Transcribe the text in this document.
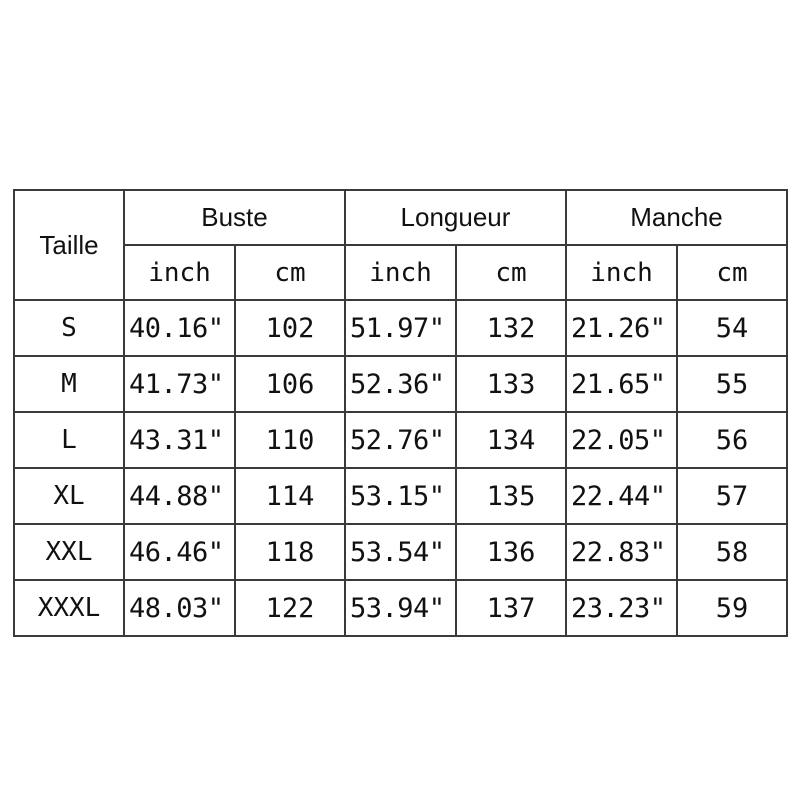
Taille	Buste		Longueur		Manche	
	inch	cm	inch	cm	inch	cm
S	40.16"	102	51.97"	132	21.26"	54
M	41.73"	106	52.36"	133	21.65"	55
L	43.31"	110	52.76"	134	22.05"	56
XL	44.88"	114	53.15"	135	22.44"	57
XXL	46.46"	118	53.54"	136	22.83"	58
XXXL	48.03"	122	53.94"	137	23.23"	59
